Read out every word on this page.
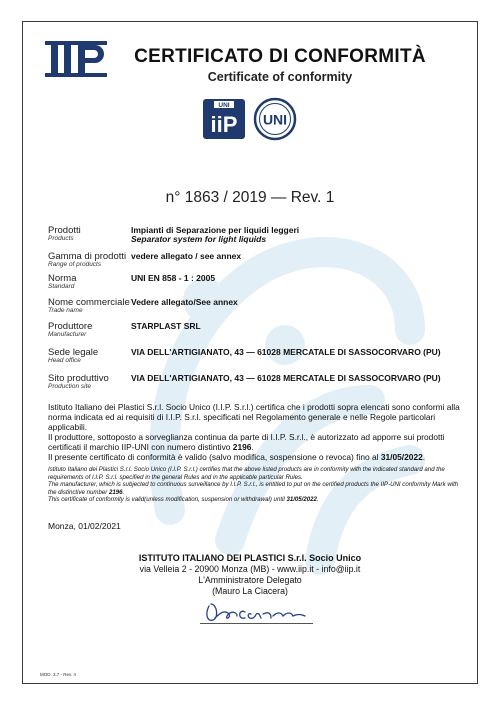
CERTIFICATO DI CONFORMITÀ
Certificate of conformity
UNI
iiP UNI
n° 1863 / 2019 — Rev. 1
Prodotti
Products
Impianti di Separazione per liquidi leggeri
Separator system for light liquids
Gamma di prodotti
Range of products
vedere allegato / see annex
Norma
Standard
UNI EN 858 - 1 : 2005
Nome commerciale
Trade name
Vedere allegato/See annex
Produttore
Manufacturer
STARPLAST SRL
Sede legale
Head office
VIA DELL'ARTIGIANATO, 43 — 61028 MERCATALE DI SASSOCORVARO (PU)
Sito produttivo
Production site
VIA DELL'ARTIGIANATO, 43 — 61028 MERCATALE DI SASSOCORVARO (PU)

Istituto Italiano dei Plastici S.r.l. Socio Unico (I.I.P. S.r.l.) certifica che i prodotti sopra elencati sono conformi alla norma indicata ed ai requisiti di I.I.P. S.r.l. specificati nel Regolamento generale e nelle Regole particolari applicabili.

Il produttore, sottoposto a sorveglianza continua da parte di I.I.P. S.r.l., è autorizzato ad apporre sui prodotti certificati il marchio IIP-UNI con numero distintivo 2196.

Il presente certificato di conformità è valido (salvo modifica, sospensione o revoca) fino al 31/05/2022.

Istituto Italiano dei Plastici S.r.l. Socio Unico (I.I.P. S.r.l.) certifies that the above listed products are in conformity with the indicated standard and the requirements of I.I.P. S.r.l. specified in the general Rules and in the applicable particular Rules.

The manufacturer, which is subjected to continuous surveillance by I.I.P. S.r.l., is entitled to put on the certified products the IIP-UNI conformity Mark with the distinctive number 2196.

This certificate of conformity is valid(unless modification, suspension or withdrawal) until 31/05/2022.

Monza, 01/02/2021
ISTITUTO ITALIANO DEI PLASTICI S.r.l. Socio Unico
via Velleia 2 - 20900 Monza (MB) - www.iip.it - info@iip.it
L'Amministratore Delegato
(Mauro La Ciacera)
MOD. 3.7 - Rev. 4
